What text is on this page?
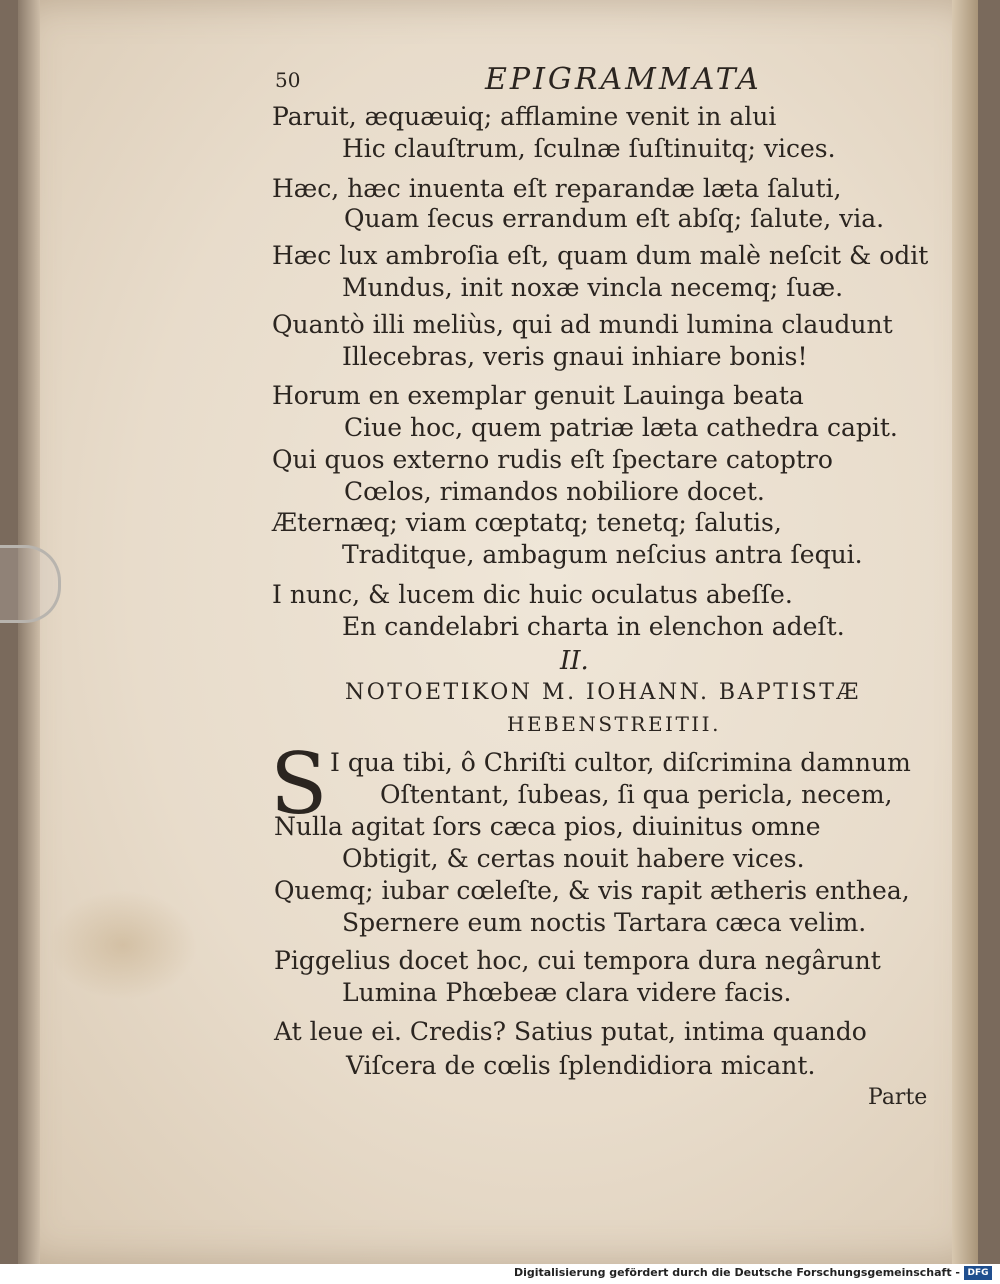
50	EPIGRAMMATA
Paruit, æquæuiq; afflamine venit in alui
Hic clauſtrum, ſculnæ ſuſtinuitq; vices.
Hæc, hæc inuenta eſt reparandæ læta ſaluti,
Quam ſecus errandum eſt abſq; ſalute, via.
Hæc lux ambroſia eſt, quam dum malè neſcit & odit
Mundus, init noxæ vincla necemq; ſuæ.
Quantò illi meliùs, qui ad mundi lumina claudunt
Illecebras, veris gnaui inhiare bonis!
Horum en exemplar genuit Lauinga beata
Ciue hoc, quem patriæ læta cathedra capit.
Qui quos externo rudis eſt ſpectare catoptro
Cœlos, rimandos nobiliore docet.
Æternæq; viam cœptatq; tenetq; ſalutis,
Traditque, ambagum neſcius antra ſequi.
I nunc, & lucem dic huic oculatus abeſſe.
En candelabri charta in elenchon adeſt.
II.
NOTOETIKON M. IOHANN. BAPTISTÆ
HEBENSTREITII.
S I qua tibi, ô Chriſti cultor, diſcrimina damnum
Oſtentant, ſubeas, ſi qua pericla, necem,
Nulla agitat ſors cæca pios, diuinitus omne
Obtigit, & certas nouit habere vices.
Quemq; iubar cœleſte, & vis rapit ætheris enthea,
Spernere eum noctis Tartara cæca velim.
Piggelius docet hoc, cui tempora dura negârunt
Lumina Phœbeæ clara videre facis.
At leue ei. Credis? Satius putat, intima quando
Viſcera de cœlis ſplendidiora micant.
Parte
Digitalisierung gefördert durch die Deutsche Forschungsgemeinschaft - DFG
